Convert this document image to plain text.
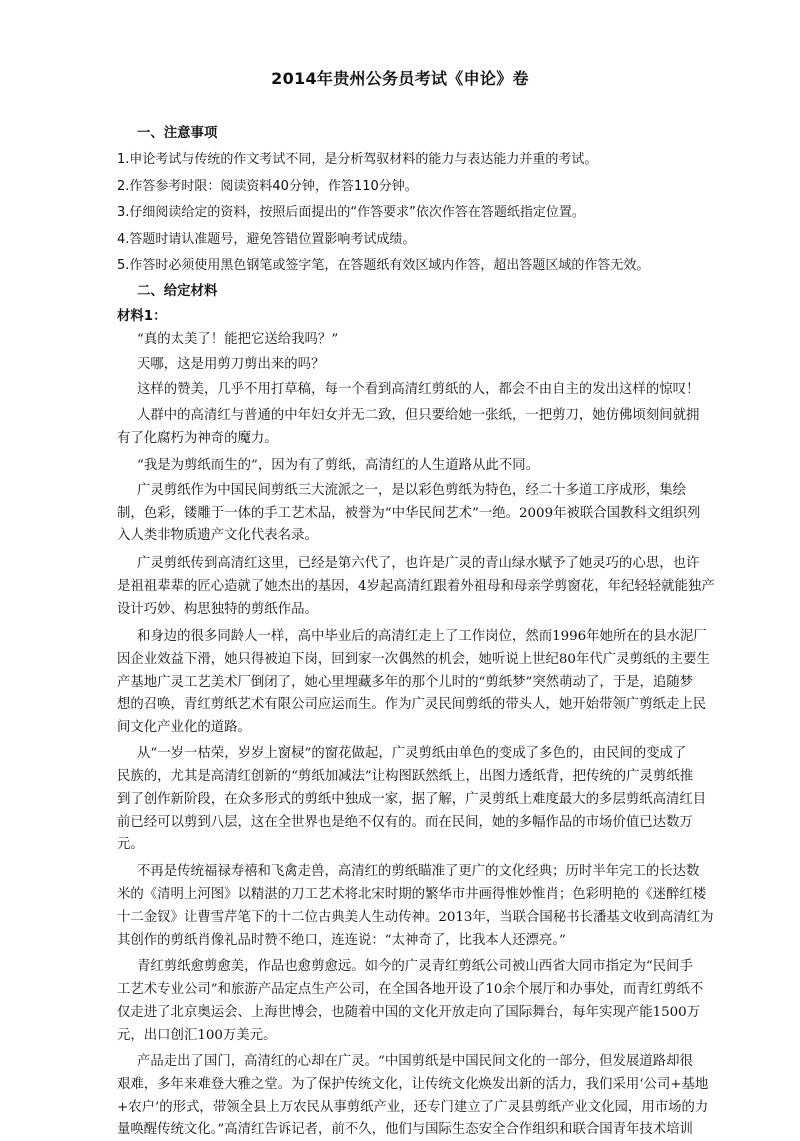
2014年贵州公务员考试《申论》卷
一、注意事项
1.申论考试与传统的作文考试不同，是分析驾驭材料的能力与表达能力并重的考试。
2.作答参考时限：阅读资料40分钟，作答110分钟。
3.仔细阅读给定的资料，按照后面提出的“作答要求”依次作答在答题纸指定位置。
4.答题时请认准题号，避免答错位置影响考试成绩。
5.作答时必须使用黑色钢笔或签字笔，在答题纸有效区域内作答，超出答题区域的作答无效。
二、给定材料
材料1：
“真的太美了！能把它送给我吗？”
天哪，这是用剪刀剪出来的吗？
这样的赞美，几乎不用打草稿，每一个看到高清红剪纸的人，都会不由自主的发出这样的惊叹！
人群中的高清红与普通的中年妇女并无二致，但只要给她一张纸，一把剪刀，她仿佛顷刻间就拥
有了化腐朽为神奇的魔力。
“我是为剪纸而生的”，因为有了剪纸，高清红的人生道路从此不同。
广灵剪纸作为中国民间剪纸三大流派之一，是以彩色剪纸为特色，经二十多道工序成形，集绘
制，色彩，镂雕于一体的手工艺术品，被誉为“中华民间艺术”一绝。2009年被联合国教科文组织列
入人类非物质遗产文化代表名录。
广灵剪纸传到高清红这里，已经是第六代了，也许是广灵的青山绿水赋予了她灵巧的心思，也许
是祖祖辈辈的匠心造就了她杰出的基因，4岁起高清红跟着外祖母和母亲学剪窗花，年纪轻轻就能独产
设计巧妙、构思独特的剪纸作品。
和身边的很多同龄人一样，高中毕业后的高清红走上了工作岗位，然而1996年她所在的县水泥厂
因企业效益下滑，她只得被迫下岗，回到家一次偶然的机会，她听说上世纪80年代广灵剪纸的主要生
产基地广灵工艺美术厂倒闭了，她心里埋藏多年的那个儿时的“剪纸梦”突然萌动了，于是，追随梦
想的召唤，青红剪纸艺术有限公司应运而生。作为广灵民间剪纸的带头人，她开始带领广剪纸走上民
间文化产业化的道路。
从“一岁一枯荣，岁岁上窗棂”的窗花做起，广灵剪纸由单色的变成了多色的，由民间的变成了
民族的，尤其是高清红创新的“剪纸加减法”让构图跃然纸上，出图力透纸背，把传统的广灵剪纸推
到了创作新阶段，在众多形式的剪纸中独成一家，据了解，广灵剪纸上难度最大的多层剪纸高清红目
前已经可以剪到八层，这在全世界也是绝不仅有的。而在民间，她的多幅作品的市场价值已达数万
元。
不再是传统福禄寿禧和飞禽走兽，高清红的剪纸瞄准了更广的文化经典；历时半年完工的长达数
米的《清明上河图》以精湛的刀工艺术将北宋时期的繁华市井画得惟妙惟肖；色彩明艳的《迷醉红楼
十二金钗》让曹雪芹笔下的十二位古典美人生动传神。2013年，当联合国秘书长潘基文收到高清红为
其创作的剪纸肖像礼品时赞不绝口，连连说：“太神奇了，比我本人还漂亮。”
青红剪纸愈剪愈美，作品也愈剪愈远。如今的广灵青红剪纸公司被山西省大同市指定为“民间手
工艺术专业公司”和旅游产品定点生产公司，在全国各地开设了10余个展厅和办事处，而青红剪纸不
仅走进了北京奥运会、上海世博会，也随着中国的文化开放走向了国际舞台，每年实现产能1500万
元，出口创汇100万美元。
产品走出了国门，高清红的心却在广灵。“中国剪纸是中国民间文化的一部分，但发展道路却很
艰难，多年来难登大雅之堂。为了保护传统文化，让传统文化焕发出新的活力，我们采用‘公司+基地
+农户’的形式，带领全县上万农民从事剪纸产业，还专门建立了广灵县剪纸产业文化园，用市场的力
量唤醒传统文化。”高清红告诉记者，前不久，他们与国际生态安全合作组织和联合国青年技术培训
